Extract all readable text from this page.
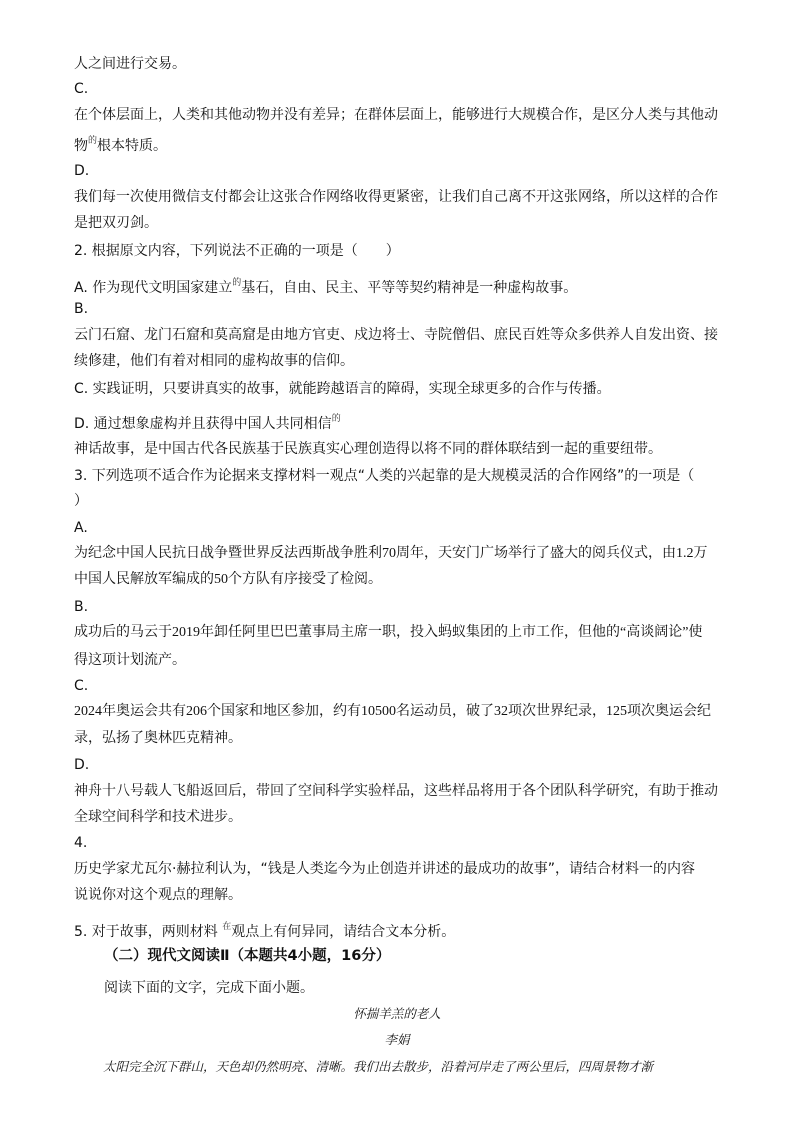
人之间进行交易。
C.
在个体层面上，人类和其他动物并没有差异；在群体层面上，能够进行大规模合作，是区分人类与其他动
物$^的$根本特质。
D.
我们每一次使用微信支付都会让这张合作网络收得更紧密，让我们自己离不开这张网络，所以这样的合作
是把双刃剑。
2. 根据原文内容，下列说法不正确的一项是（　　）
A. 作为现代文明国家建立$^的$基石，自由、民主、平等等契约精神是一种虚构故事。
B.
云门石窟、龙门石窟和莫高窟是由地方官吏、戍边将士、寺院僧侣、庶民百姓等众多供养人自发出资、接
续修建，他们有着对相同的虚构故事的信仰。
C. 实践证明，只要讲真实的故事，就能跨越语言的障碍，实现全球更多的合作与传播。
D. 通过想象虚构并且获得中国人共同相信$^的$
神话故事，是中国古代各民族基于民族真实心理创造得以将不同的群体联结到一起的重要纽带。
3. 下列选项不适合作为论据来支撑材料一观点“人类的兴起靠的是大规模灵活的合作网络”的一项是（
）
A.
为纪念中国人民抗日战争暨世界反法西斯战争胜利70周年，天安门广场举行了盛大的阅兵仪式，由1.2万
中国人民解放军编成的50个方队有序接受了检阅。
B.
成功后的马云于2019年卸任阿里巴巴董事局主席一职，投入蚂蚁集团的上市工作，但他的“高谈阔论”使
得这项计划流产。
C.
2024年奥运会共有206个国家和地区参加，约有10500名运动员，破了32项次世界纪录，125项次奥运会纪
录，弘扬了奥林匹克精神。
D.
神舟十八号载人飞船返回后，带回了空间科学实验样品，这些样品将用于各个团队科学研究，有助于推动
全球空间科学和技术进步。
4.
历史学家尤瓦尔·赫拉利认为，“钱是人类迄今为止创造并讲述的最成功的故事”，请结合材料一的内容
说说你对这个观点的理解。
5. 对于故事，两则材料 $^在$观点上有何异同，请结合文本分析。
（二）现代文阅读Ⅱ（本题共4小题，16分）
阅读下面的文字，完成下面小题。
怀揣羊羔的老人
李娟
太阳完全沉下群山，天色却仍然明亮、清晰。我们出去散步，沿着河岸走了两公里后，四周景物才渐
